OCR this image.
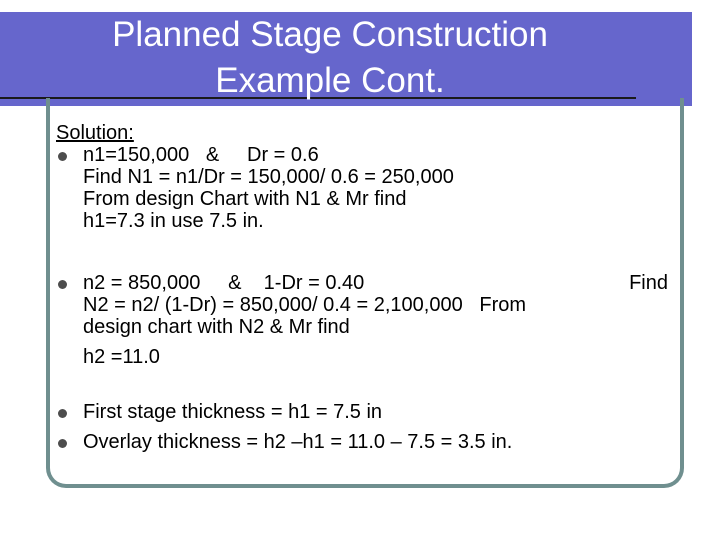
Planned Stage Construction
Example Cont.
Solution:
n1=150,000   &     Dr = 0.6
Find N1 = n1/Dr = 150,000/ 0.6 = 250,000
From design Chart with N1 & Mr find
h1=7.3 in use 7.5 in.
n2 = 850,000     &    1-Dr = 0.40	Find
N2 = n2/ (1-Dr) = 850,000/ 0.4 = 2,100,000 From
design chart with N2 & Mr find
h2 =11.0
First stage thickness = h1 = 7.5 in
Overlay thickness = h2 –h1 = 11.0 – 7.5 = 3.5 in.
